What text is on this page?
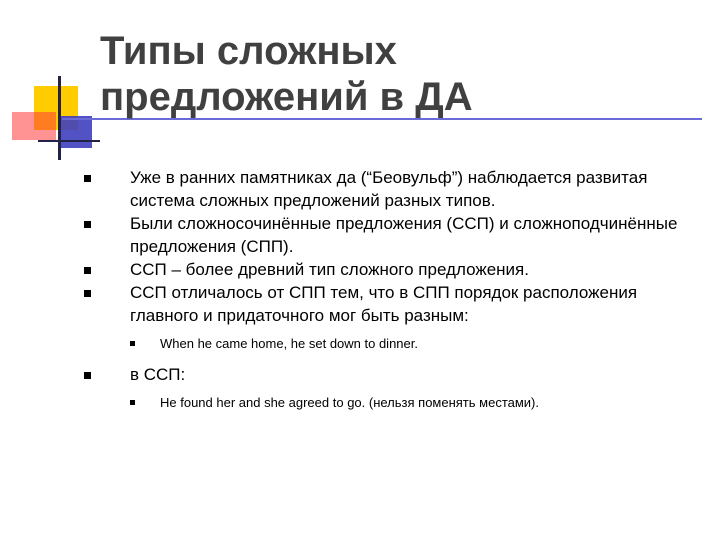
Типы сложных
предложений в ДА

Уже в ранних памятниках да (“Беовульф”) наблюдается развитая система сложных предложений разных типов.

Были сложносочинённые предложения (ССП) и сложноподчинённые предложения (СПП).

ССП – более древний тип сложного предложения.

ССП отличалось от СПП тем, что в СПП порядок расположения главного и придаточного мог быть разным:

When he came home, he set down to dinner.

в ССП:

He found her and she agreed to go. (нельзя поменять местами).
